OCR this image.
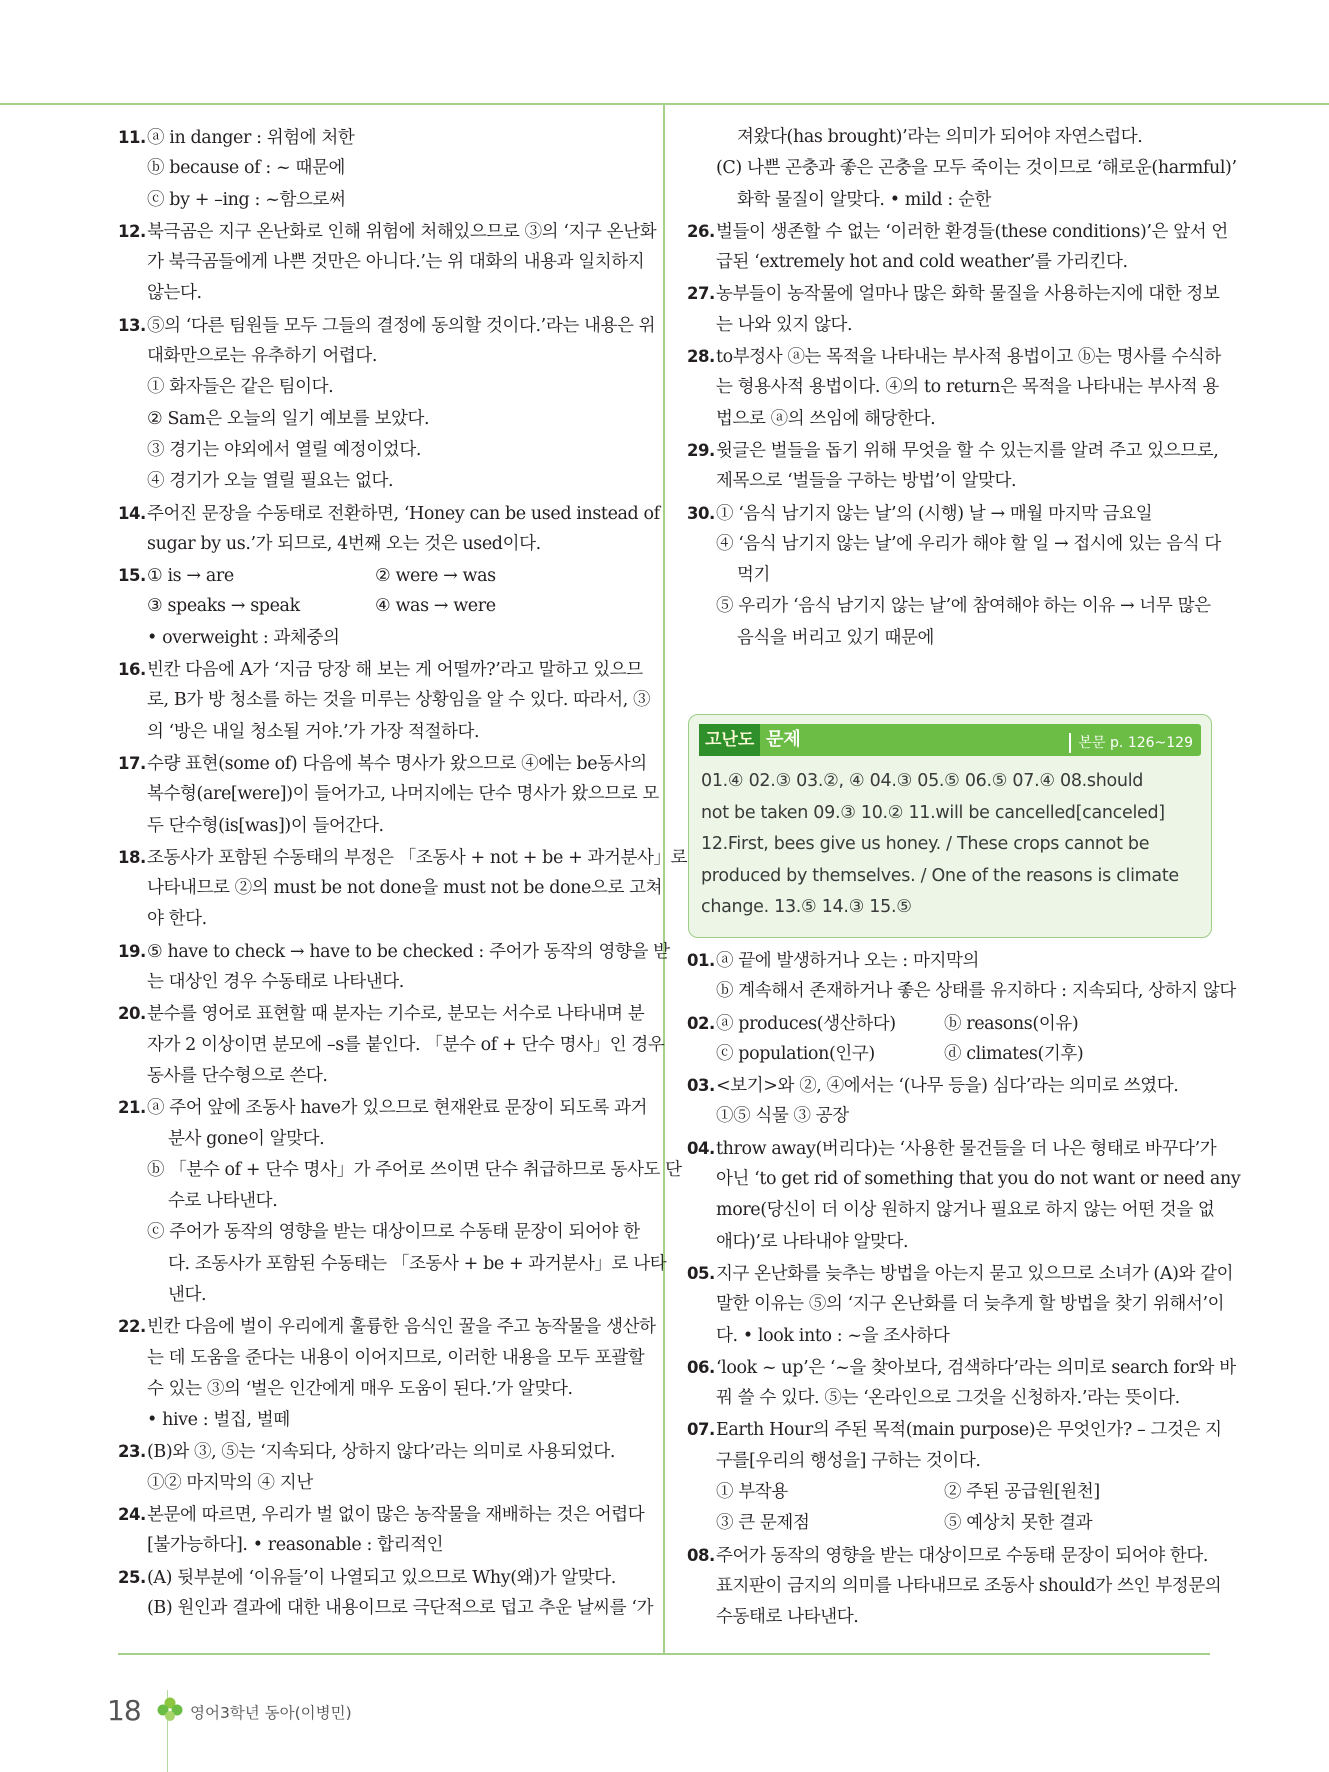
11.ⓐ in danger : 위험에 처한
ⓑ because of : ~ 때문에
ⓒ by + –ing : ~함으로써
12.북극곰은 지구 온난화로 인해 위험에 처해있으므로 ③의 ‘지구 온난화
가 북극곰들에게 나쁜 것만은 아니다.’는 위 대화의 내용과 일치하지
않는다.
13.⑤의 ‘다른 팀원들 모두 그들의 결정에 동의할 것이다.’라는 내용은 위
대화만으로는 유추하기 어렵다.
① 화자들은 같은 팀이다.
② Sam은 오늘의 일기 예보를 보았다.
③ 경기는 야외에서 열릴 예정이었다.
④ 경기가 오늘 열릴 필요는 없다.
14.주어진 문장을 수동태로 전환하면, ‘Honey can be used instead of
sugar by us.’가 되므로, 4번째 오는 것은 used이다.
15.① is → are	② were → was
③ speaks → speak	④ was → were
• overweight : 과체중의
16.빈칸 다음에 A가 ‘지금 당장 해 보는 게 어떨까?’라고 말하고 있으므
로, B가 방 청소를 하는 것을 미루는 상황임을 알 수 있다. 따라서, ③
의 ‘방은 내일 청소될 거야.’가 가장 적절하다.
17.수량 표현(some of) 다음에 복수 명사가 왔으므로 ④에는 be동사의
복수형(are[were])이 들어가고, 나머지에는 단수 명사가 왔으므로 모
두 단수형(is[was])이 들어간다.
18.조동사가 포함된 수동태의 부정은 「조동사 + not + be + 과거분사」로
나타내므로 ②의 must be not done을 must not be done으로 고쳐
야 한다.
19.⑤ have to check → have to be checked : 주어가 동작의 영향을 받
는 대상인 경우 수동태로 나타낸다.
20.분수를 영어로 표현할 때 분자는 기수로, 분모는 서수로 나타내며 분
자가 2 이상이면 분모에 –s를 붙인다. 「분수 of + 단수 명사」인 경우
동사를 단수형으로 쓴다.
21.ⓐ 주어 앞에 조동사 have가 있으므로 현재완료 문장이 되도록 과거
분사 gone이 알맞다.
ⓑ 「분수 of + 단수 명사」가 주어로 쓰이면 단수 취급하므로 동사도 단
수로 나타낸다.
ⓒ 주어가 동작의 영향을 받는 대상이므로 수동태 문장이 되어야 한
다. 조동사가 포함된 수동태는 「조동사 + be + 과거분사」로 나타
낸다.
22.빈칸 다음에 벌이 우리에게 훌륭한 음식인 꿀을 주고 농작물을 생산하
는 데 도움을 준다는 내용이 이어지므로, 이러한 내용을 모두 포괄할
수 있는 ③의 ‘벌은 인간에게 매우 도움이 된다.’가 알맞다.
• hive : 벌집, 벌떼
23.(B)와 ③, ⑤는 ‘지속되다, 상하지 않다’라는 의미로 사용되었다.
①② 마지막의 ④ 지난
24.본문에 따르면, 우리가 벌 없이 많은 농작물을 재배하는 것은 어렵다
[불가능하다]. • reasonable : 합리적인
25.(A) 뒷부분에 ‘이유들’이 나열되고 있으므로 Why(왜)가 알맞다.
(B) 원인과 결과에 대한 내용이므로 극단적으로 덥고 추운 날씨를 ‘가
져왔다(has brought)’라는 의미가 되어야 자연스럽다.
(C) 나쁜 곤충과 좋은 곤충을 모두 죽이는 것이므로 ‘해로운(harmful)’
화학 물질이 알맞다. • mild : 순한
26.벌들이 생존할 수 없는 ‘이러한 환경들(these conditions)’은 앞서 언
급된 ‘extremely hot and cold weather’를 가리킨다.
27.농부들이 농작물에 얼마나 많은 화학 물질을 사용하는지에 대한 정보
는 나와 있지 않다.
28.to부정사 ⓐ는 목적을 나타내는 부사적 용법이고 ⓑ는 명사를 수식하
는 형용사적 용법이다. ④의 to return은 목적을 나타내는 부사적 용
법으로 ⓐ의 쓰임에 해당한다.
29.윗글은 벌들을 돕기 위해 무엇을 할 수 있는지를 알려 주고 있으므로,
제목으로 ‘벌들을 구하는 방법’이 알맞다.
30.① ‘음식 남기지 않는 날’의 (시행) 날 → 매월 마지막 금요일
④ ‘음식 남기지 않는 날’에 우리가 해야 할 일 → 접시에 있는 음식 다
먹기
⑤ 우리가 ‘음식 남기지 않는 날’에 참여해야 하는 이유 → 너무 많은
음식을 버리고 있기 때문에
고난도 문제	본문 p. 126~129
01.④ 02.③ 03.②, ④ 04.③ 05.⑤ 06.⑤ 07.④ 08.should
not be taken 09.③ 10.② 11.will be cancelled[canceled]
12.First, bees give us honey. / These crops cannot be
produced by themselves. / One of the reasons is climate
change. 13.⑤ 14.③ 15.⑤
01.ⓐ 끝에 발생하거나 오는 : 마지막의
ⓑ 계속해서 존재하거나 좋은 상태를 유지하다 : 지속되다, 상하지 않다
02.ⓐ produces(생산하다)	ⓑ reasons(이유)
ⓒ population(인구)	ⓓ climates(기후)
03.<보기>와 ②, ④에서는 ‘(나무 등을) 심다’라는 의미로 쓰였다.
①⑤ 식물 ③ 공장
04.throw away(버리다)는 ‘사용한 물건들을 더 나은 형태로 바꾸다’가
아닌 ‘to get rid of something that you do not want or need any
more(당신이 더 이상 원하지 않거나 필요로 하지 않는 어떤 것을 없
애다)’로 나타내야 알맞다.
05.지구 온난화를 늦추는 방법을 아는지 묻고 있으므로 소녀가 (A)와 같이
말한 이유는 ⑤의 ‘지구 온난화를 더 늦추게 할 방법을 찾기 위해서’이
다. • look into : ~을 조사하다
06.‘look ~ up’은 ‘~을 찾아보다, 검색하다’라는 의미로 search for와 바
꿔 쓸 수 있다. ⑤는 ‘온라인으로 그것을 신청하자.’라는 뜻이다.
07.Earth Hour의 주된 목적(main purpose)은 무엇인가? – 그것은 지
구를[우리의 행성을] 구하는 것이다.
① 부작용	② 주된 공급원[원천]
③ 큰 문제점	⑤ 예상치 못한 결과
08.주어가 동작의 영향을 받는 대상이므로 수동태 문장이 되어야 한다.
표지판이 금지의 의미를 나타내므로 조동사 should가 쓰인 부정문의
수동태로 나타낸다.
18	영어3학년 동아(이병민)
